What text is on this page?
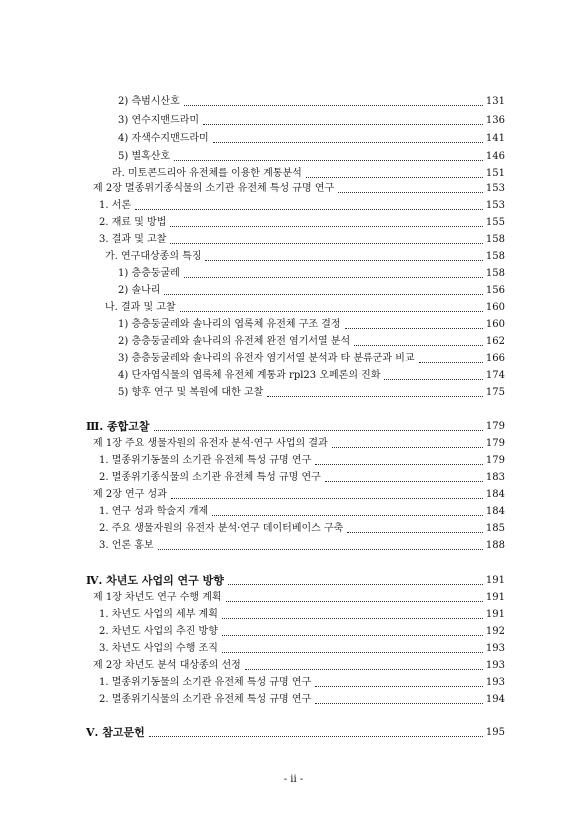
2) 측범시산호	131
3) 연수지맨드라미	136
4) 자색수지맨드라미	141
5) 별혹산호	146
라. 미토콘드리아 유전체를 이용한 계통분석	151
제 2장 멸종위기종식물의 소기관 유전체 특성 규명 연구	153
1. 서론	153
2. 재료 및 방법	155
3. 결과 및 고찰	158
가. 연구대상종의 특징	158
1) 층층둥굴레	158
2) 솔나리	156
나. 결과 및 고찰	160
1) 층층둥굴레와 솔나리의 엽록체 유전체 구조 결정	160
2) 층층둥굴레와 솔나리의 유전체 완전 염기서열 분석	162
3) 층층둥굴레와 솔나리의 유전자 염기서열 분석과 타 분류군과 비교	166
4) 단자엽식물의 엽록체 유전체 계통과 rpl23 오페론의 진화	174
5) 향후 연구 및 복원에 대한 고찰	175
Ⅲ. 종합고찰	179
제 1장 주요 생물자원의 유전자 분석·연구 사업의 결과	179
1. 멸종위기동물의 소기관 유전체 특성 규명 연구	179
2. 멸종위기종식물의 소기관 유전체 특성 규명 연구	183
제 2장 연구 성과	184
1. 연구 성과 학술지 개제	184
2. 주요 생물자원의 유전자 분석·연구 데이터베이스 구축	185
3. 언론 홍보	188
Ⅳ. 차년도 사업의 연구 방향	191
제 1장 차년도 연구 수행 계획	191
1. 차년도 사업의 세부 계획	191
2. 차년도 사업의 추진 방향	192
3. 차년도 사업의 수행 조직	193
제 2장 차년도 분석 대상종의 선정	193
1. 멸종위기동물의 소기관 유전체 특성 규명 연구	193
2. 멸종위기식물의 소기관 유전체 특성 규명 연구	194
Ⅴ. 참고문헌	195
- ii -
